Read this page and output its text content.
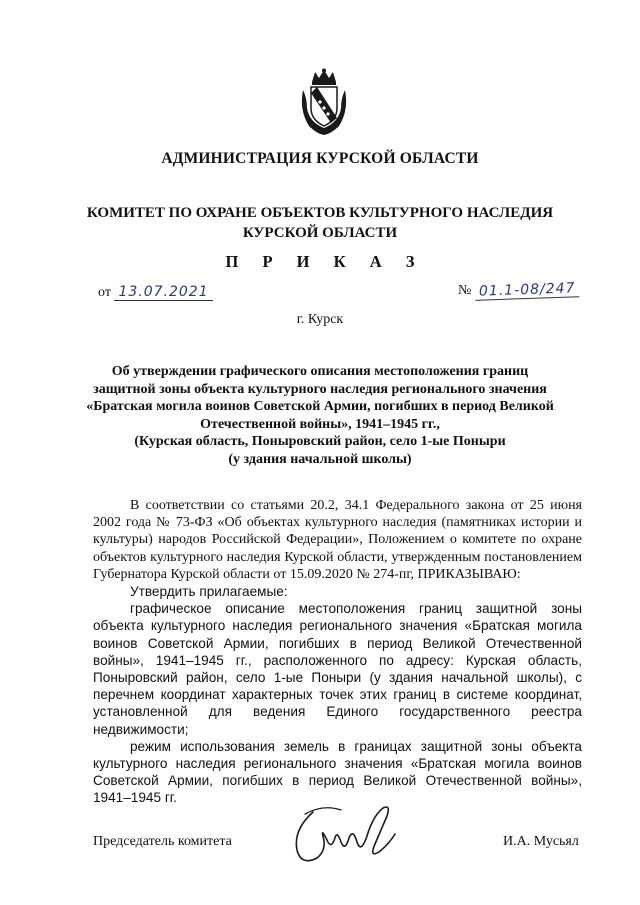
АДМИНИСТРАЦИЯ КУРСКОЙ ОБЛАСТИ
КОМИТЕТ ПО ОХРАНЕ ОБЪЕКТОВ КУЛЬТУРНОГО НАСЛЕДИЯ
КУРСКОЙ ОБЛАСТИ
П Р И К А З
от 13.07.2021	№ 01.1-08/247
г. Курск
Об утверждении графического описания местоположения границ
защитной зоны объекта культурного наследия регионального значения
«Братская могила воинов Советской Армии, погибших в период Великой
Отечественной войны», 1941–1945 гг.,
(Курская область, Поныровский район, село 1-ые Поныри
(у здания начальной школы)

В соответствии со статьями 20.2, 34.1 Федерального закона от 25 июня 2002 года № 73-ФЗ «Об объектах культурного наследия (памятниках истории и культуры) народов Российской Федерации», Положением о комитете по охране объектов культурного наследия Курской области, утвержденным постановлением Губернатора Курской области от 15.09.2020 № 274-пг, ПРИКАЗЫВАЮ:

Утвердить прилагаемые:

графическое описание местоположения границ защитной зоны объекта культурного наследия регионального значения «Братская могила воинов Советской Армии, погибших в период Великой Отечественной войны», 1941–1945 гг., расположенного по адресу: Курская область, Поныровский район, село 1-ые Поныри (у здания начальной школы), с перечнем координат характерных точек этих границ в системе координат, установленной для ведения Единого государственного реестра недвижимости;

режим использования земель в границах защитной зоны объекта культурного наследия регионального значения «Братская могила воинов Советской Армии, погибших в период Великой Отечественной войны», 1941–1945 гг.

Председатель комитета	И.А. Мусьял
